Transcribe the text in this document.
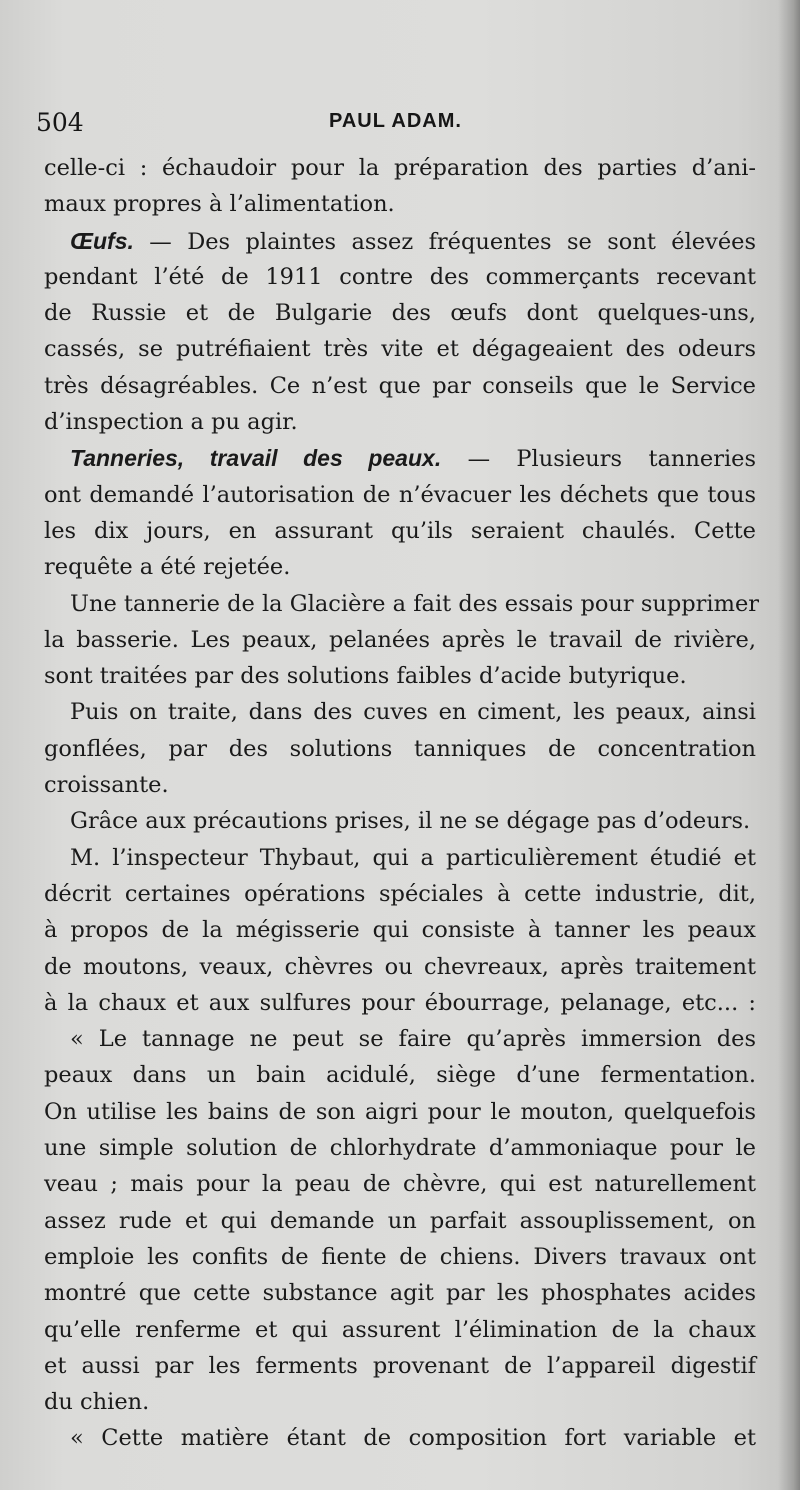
504	PAUL ADAM.
celle-ci : échaudoir pour la préparation des parties d’ani-
maux propres à l’alimentation.
Œufs. — Des plaintes assez fréquentes se sont élevées
pendant l’été de 1911 contre des commerçants recevant
de Russie et de Bulgarie des œufs dont quelques-uns,
cassés, se putréfiaient très vite et dégageaient des odeurs
très désagréables. Ce n’est que par conseils que le Service
d’inspection a pu agir.
Tanneries, travail des peaux. — Plusieurs tanneries
ont demandé l’autorisation de n’évacuer les déchets que tous
les dix jours, en assurant qu’ils seraient chaulés. Cette
requête a été rejetée.
Une tannerie de la Glacière a fait des essais pour supprimer
la basserie. Les peaux, pelanées après le travail de rivière,
sont traitées par des solutions faibles d’acide butyrique.
Puis on traite, dans des cuves en ciment, les peaux, ainsi
gonflées, par des solutions tanniques de concentration
croissante.
Grâce aux précautions prises, il ne se dégage pas d’odeurs.
M. l’inspecteur Thybaut, qui a particulièrement étudié et
décrit certaines opérations spéciales à cette industrie, dit,
à propos de la mégisserie qui consiste à tanner les peaux
de moutons, veaux, chèvres ou chevreaux, après traitement
à la chaux et aux sulfures pour ébourrage, pelanage, etc... :
« Le tannage ne peut se faire qu’après immersion des
peaux dans un bain acidulé, siège d’une fermentation.
On utilise les bains de son aigri pour le mouton, quelquefois
une simple solution de chlorhydrate d’ammoniaque pour le
veau ; mais pour la peau de chèvre, qui est naturellement
assez rude et qui demande un parfait assouplissement, on
emploie les confits de fiente de chiens. Divers travaux ont
montré que cette substance agit par les phosphates acides
qu’elle renferme et qui assurent l’élimination de la chaux
et aussi par les ferments provenant de l’appareil digestif
du chien.
« Cette matière étant de composition fort variable et
